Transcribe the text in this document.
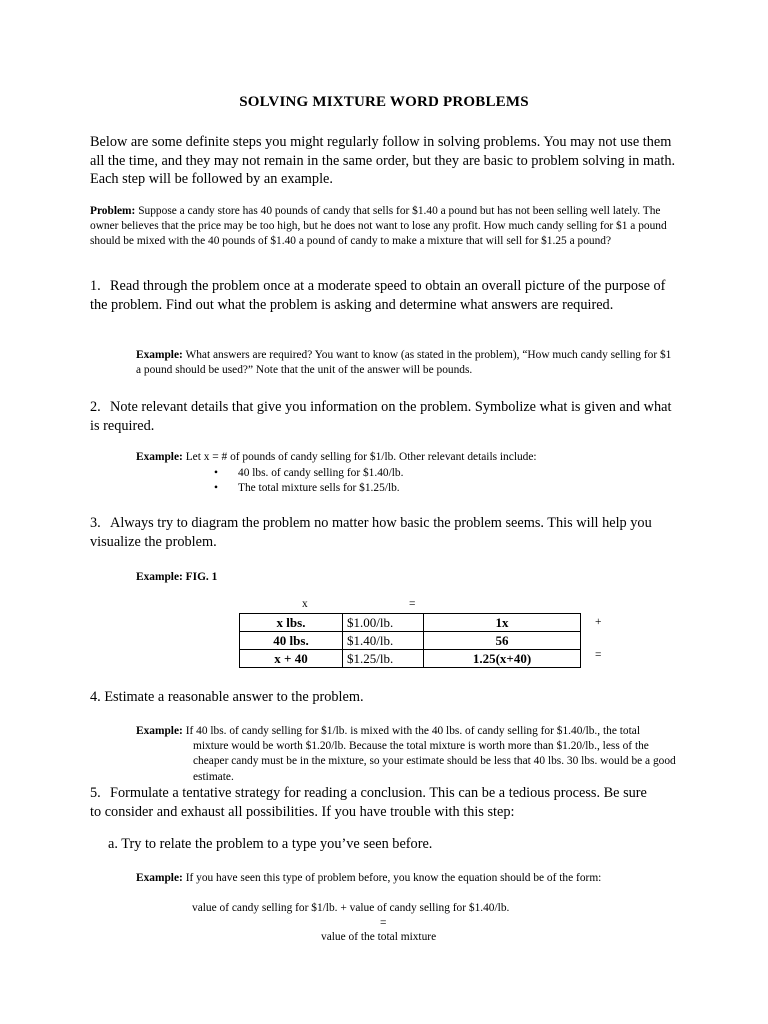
SOLVING MIXTURE WORD PROBLEMS
Below are some definite steps you might regularly follow in solving problems. You may not use them all the time, and they may not remain in the same order, but they are basic to problem solving in math. Each step will be followed by an example.
Problem: Suppose a candy store has 40 pounds of candy that sells for $1.40 a pound but has not been selling well lately. The owner believes that the price may be too high, but he does not want to lose any profit. How much candy selling for $1 a pound should be mixed with the 40 pounds of $1.40 a pound of candy to make a mixture that will sell for $1.25 a pound?
1. Read through the problem once at a moderate speed to obtain an overall picture of the purpose of the problem. Find out what the problem is asking and determine what answers are required.
Example: What answers are required? You want to know (as stated in the problem), “How much candy selling for $1 a pound should be used?” Note that the unit of the answer will be pounds.
2. Note relevant details that give you information on the problem. Symbolize what is given and what is required.
Example: Let x = # of pounds of candy selling for $1/lb. Other relevant details include:
• 40 lbs. of candy selling for $1.40/lb.
• The total mixture sells for $1.25/lb.
3. Always try to diagram the problem no matter how basic the problem seems. This will help you visualize the problem.
Example: FIG. 1
x	=
x lbs.	$1.00/lb.	1x
40 lbs.	$1.40/lb.	56
x + 40	$1.25/lb.	1.25(x+40)
+
=
4. Estimate a reasonable answer to the problem.
Example: If 40 lbs. of candy selling for $1/lb. is mixed with the 40 lbs. of candy selling for $1.40/lb., the total mixture would be worth $1.20/lb. Because the total mixture is worth more than $1.20/lb., less of the cheaper candy must be in the mixture, so your estimate should be less that 40 lbs. 30 lbs. would be a good estimate.
5. Formulate a tentative strategy for reading a conclusion. This can be a tedious process. Be sure to consider and exhaust all possibilities. If you have trouble with this step:
a. Try to relate the problem to a type you’ve seen before.
Example: If you have seen this type of problem before, you know the equation should be of the form:
value of candy selling for $1/lb. + value of candy selling for $1.40/lb.
=
value of the total mixture
